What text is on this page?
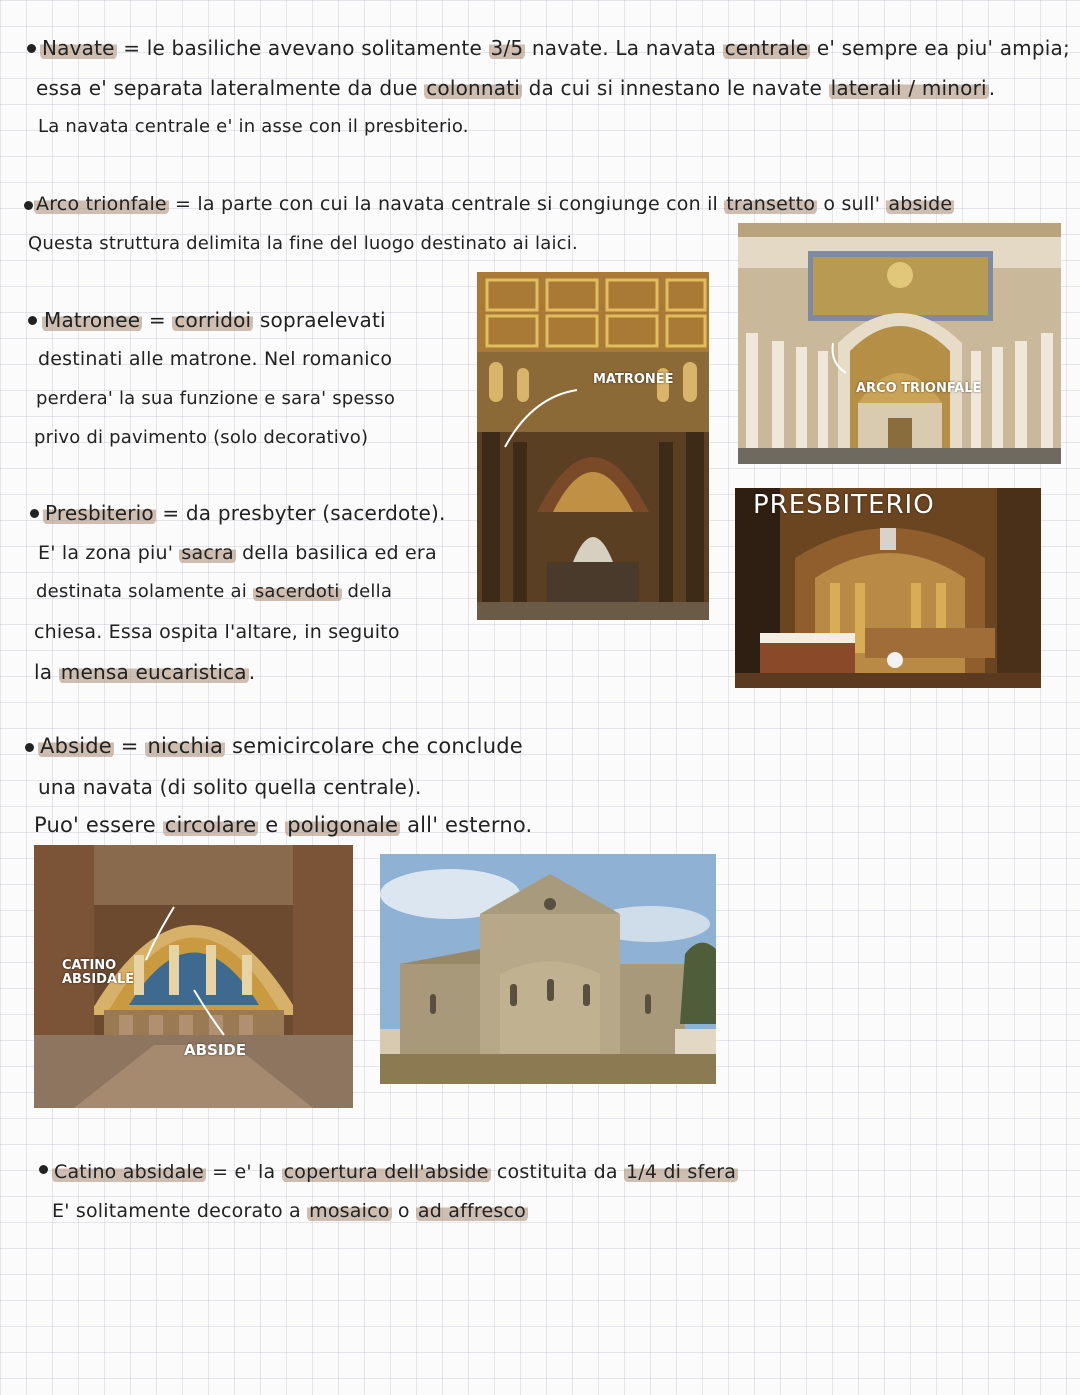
Navate = le basiliche avevano solitamente 3/5 navate. La navata centrale e' sempre ea piu' ampia;
essa e' separata lateralmente da due colonnati da cui si innestano le navate laterali / minori .
La navata centrale e' in asse con il presbiterio.
Arco trionfale = la parte con cui la navata centrale si congiunge con il transetto o sull' abside
Questa struttura delimita la fine del luogo destinato ai laici.
Matronee = corridoi sopraelevati
destinati alle matrone. Nel romanico
perdera' la sua funzione e sara' spesso
privo di pavimento (solo decorativo)
Presbiterio = da presbyter (sacerdote).
E' la zona piu' sacra della basilica ed era
destinata solamente ai sacerdoti della
chiesa. Essa ospita l'altare, in seguito
la mensa eucaristica .
Abside = nicchia semicircolare che conclude
una navata (di solito quella centrale).
Puo' essere circolare e poligonale all' esterno.
Catino absidale = e' la copertura dell'abside costituita da 1/4 di sfera
E' solitamente decorato a mosaico o ad affresco
ARCO TRIONFALE
MATRONEE
PRESBITERIO
CATINO ABSIDALE
ABSIDE
